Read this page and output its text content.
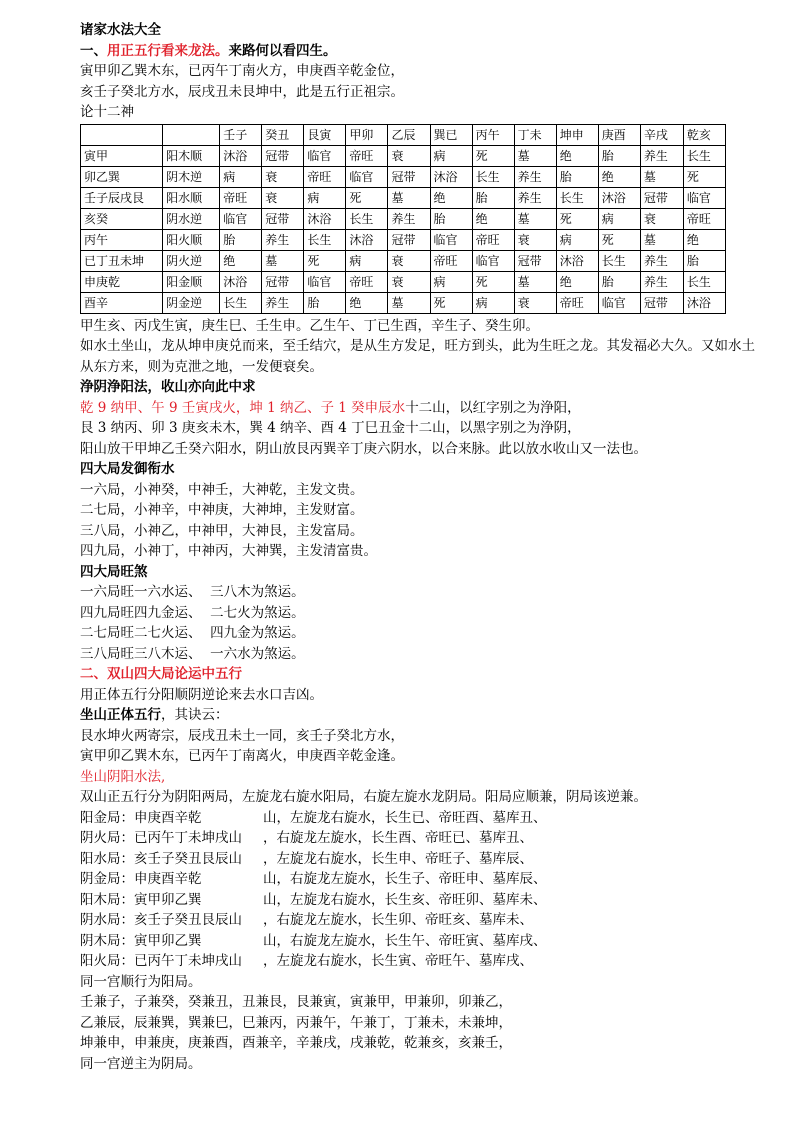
诸家水法大全
一、用正五行看来龙法。来路何以看四生。
寅甲卯乙巽木东，已丙午丁南火方，申庚酉辛乾金位，
亥壬子癸北方水，辰戌丑未艮坤中，此是五行正祖宗。
论十二神
		壬子	癸丑	艮寅	甲卯	乙辰	巽已	丙午	丁未	坤申	庚酉	辛戌	乾亥
寅甲	阳木顺	沐浴	冠带	临官	帝旺	衰	病	死	墓	绝	胎	养生	长生
卯乙巽	阴木逆	病	衰	帝旺	临官	冠带	沐浴	长生	养生	胎	绝	墓	死
壬子辰戌艮	阳水顺	帝旺	衰	病	死	墓	绝	胎	养生	长生	沐浴	冠带	临官
亥癸	阴水逆	临官	冠带	沐浴	长生	养生	胎	绝	墓	死	病	衰	帝旺
丙午	阳火顺	胎	养生	长生	沐浴	冠带	临官	帝旺	衰	病	死	墓	绝
已丁丑未坤	阴火逆	绝	墓	死	病	衰	帝旺	临官	冠带	沐浴	长生	养生	胎
申庚乾	阳金顺	沐浴	冠带	临官	帝旺	衰	病	死	墓	绝	胎	养生	长生
酉辛	阴金逆	长生	养生	胎	绝	墓	死	病	衰	帝旺	临官	冠带	沐浴
甲生亥、丙戊生寅，庚生巳、壬生申。乙生午、丁已生酉，辛生子、癸生卯。
如水土坐山，龙从坤申庚兑而来，至壬结穴，是从生方发足，旺方到头，此为生旺之龙。其发福必大久。又如水土从东方来，则为克泄之地，一发便衰矣。
浄阴浄阳法，收山亦向此中求
乾 9 纳甲、午 9 壬寅戌火，坤 1 纳乙、子 1 癸申辰水十二山，以红字别之为浄阳，
艮 3 纳丙、卯 3 庚亥未木，巽 4 纳辛、酉 4 丁巳丑金十二山，以黑字别之为浄阴，
阳山放干甲坤乙壬癸六阳水，阴山放艮丙巽辛丁庚六阴水，以合来脉。此以放水收山又一法也。
四大局发御衔水
一六局，小神癸，中神壬，大神乾，主发文贵。
二七局，小神辛，中神庚，大神坤，主发财富。
三八局，小神乙，中神甲，大神艮，主发富局。
四九局，小神丁，中神丙，大神巽，主发清富贵。
四大局旺煞
一六局旺一六水运、  三八木为煞运。
四九局旺四九金运、  二七火为煞运。
二七局旺二七火运、  四九金为煞运。
三八局旺三八木运、  一六水为煞运。
二、双山四大局论运中五行
用正体五行分阳顺阴逆论来去水口吉凶。
坐山正体五行，其诀云：
艮水坤火两寄宗，辰戌丑未土一同，亥壬子癸北方水，
寅甲卯乙巽木东，已丙午丁南离火，申庚酉辛乾金逢。
坐山阴阳水法,
双山正五行分为阴阳两局，左旋龙右旋水阳局，右旋左旋水龙阴局。阳局应顺兼，阴局该逆兼。
阳金局：申庚酉辛乾	山，左旋龙右旋水，长生已、帝旺酉、墓库丑、
阴火局：已丙午丁未坤戌山 ，右旋龙左旋水，长生酉、帝旺已、墓库丑、
阳水局：亥壬子癸丑艮辰山 ，左旋龙右旋水，长生申、帝旺子、墓库辰、
阴金局：申庚酉辛乾	山，右旋龙左旋水，长生子、帝旺申、墓库辰、
阳木局：寅甲卯乙巽	山，左旋龙右旋水，长生亥、帝旺卯、墓库未、
阴水局：亥壬子癸丑艮辰山 ，右旋龙左旋水，长生卯、帝旺亥、墓库未、
阴木局：寅甲卯乙巽	山，右旋龙左旋水，长生午、帝旺寅、墓库戌、
阳火局：已丙午丁未坤戌山 ，左旋龙右旋水，长生寅、帝旺午、墓库戌、
同一宫顺行为阳局。
壬兼子，子兼癸，癸兼丑，丑兼艮，艮兼寅，寅兼甲，甲兼卯，卯兼乙，
乙兼辰，辰兼巽，巽兼巳，巳兼丙，丙兼午，午兼丁，丁兼未，未兼坤，
坤兼申，申兼庚，庚兼酉，酉兼辛，辛兼戌，戌兼乾，乾兼亥，亥兼壬，
同一宫逆主为阴局。
